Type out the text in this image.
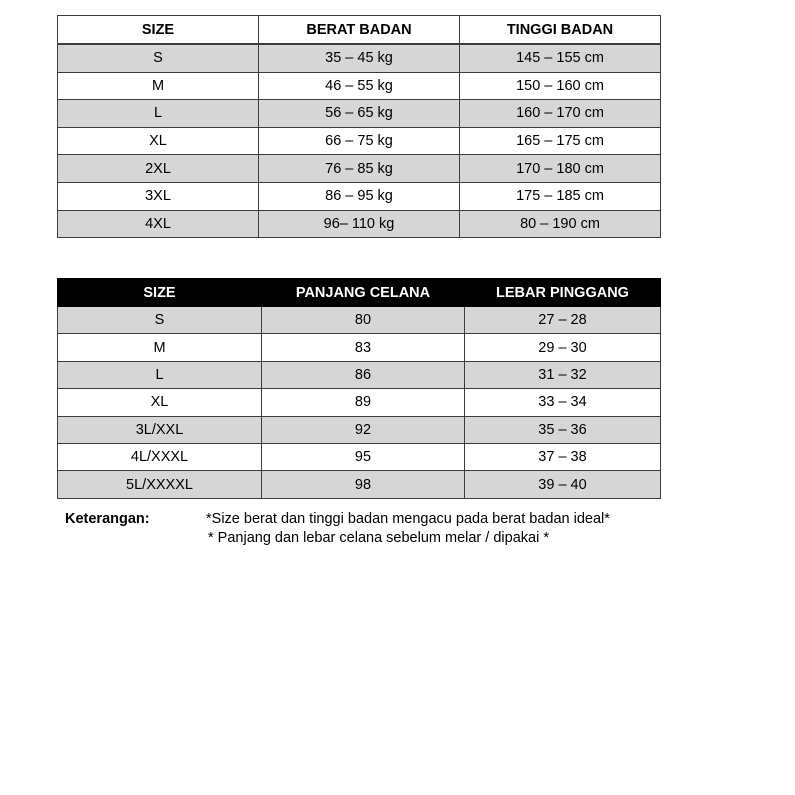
SIZE	BERAT BADAN	TINGGI BADAN
S	35 – 45 kg	145 – 155 cm
M	46 – 55 kg	150 – 160 cm
L	56 – 65 kg	160 – 170 cm
XL	66 – 75 kg	165 – 175 cm
2XL	76 – 85 kg	170 – 180 cm
3XL	86 – 95 kg	175 – 185 cm
4XL	96– 110 kg	80 – 190 cm
SIZE	PANJANG CELANA	LEBAR PINGGANG
S	80	27 – 28
M	83	29 – 30
L	86	31 – 32
XL	89	33 – 34
3L/XXL	92	35 – 36
4L/XXXL	95	37 – 38
5L/XXXXL	98	39 – 40
Keterangan:	*Size berat dan tinggi badan mengacu pada berat badan ideal*
* Panjang dan lebar celana sebelum melar / dipakai *
